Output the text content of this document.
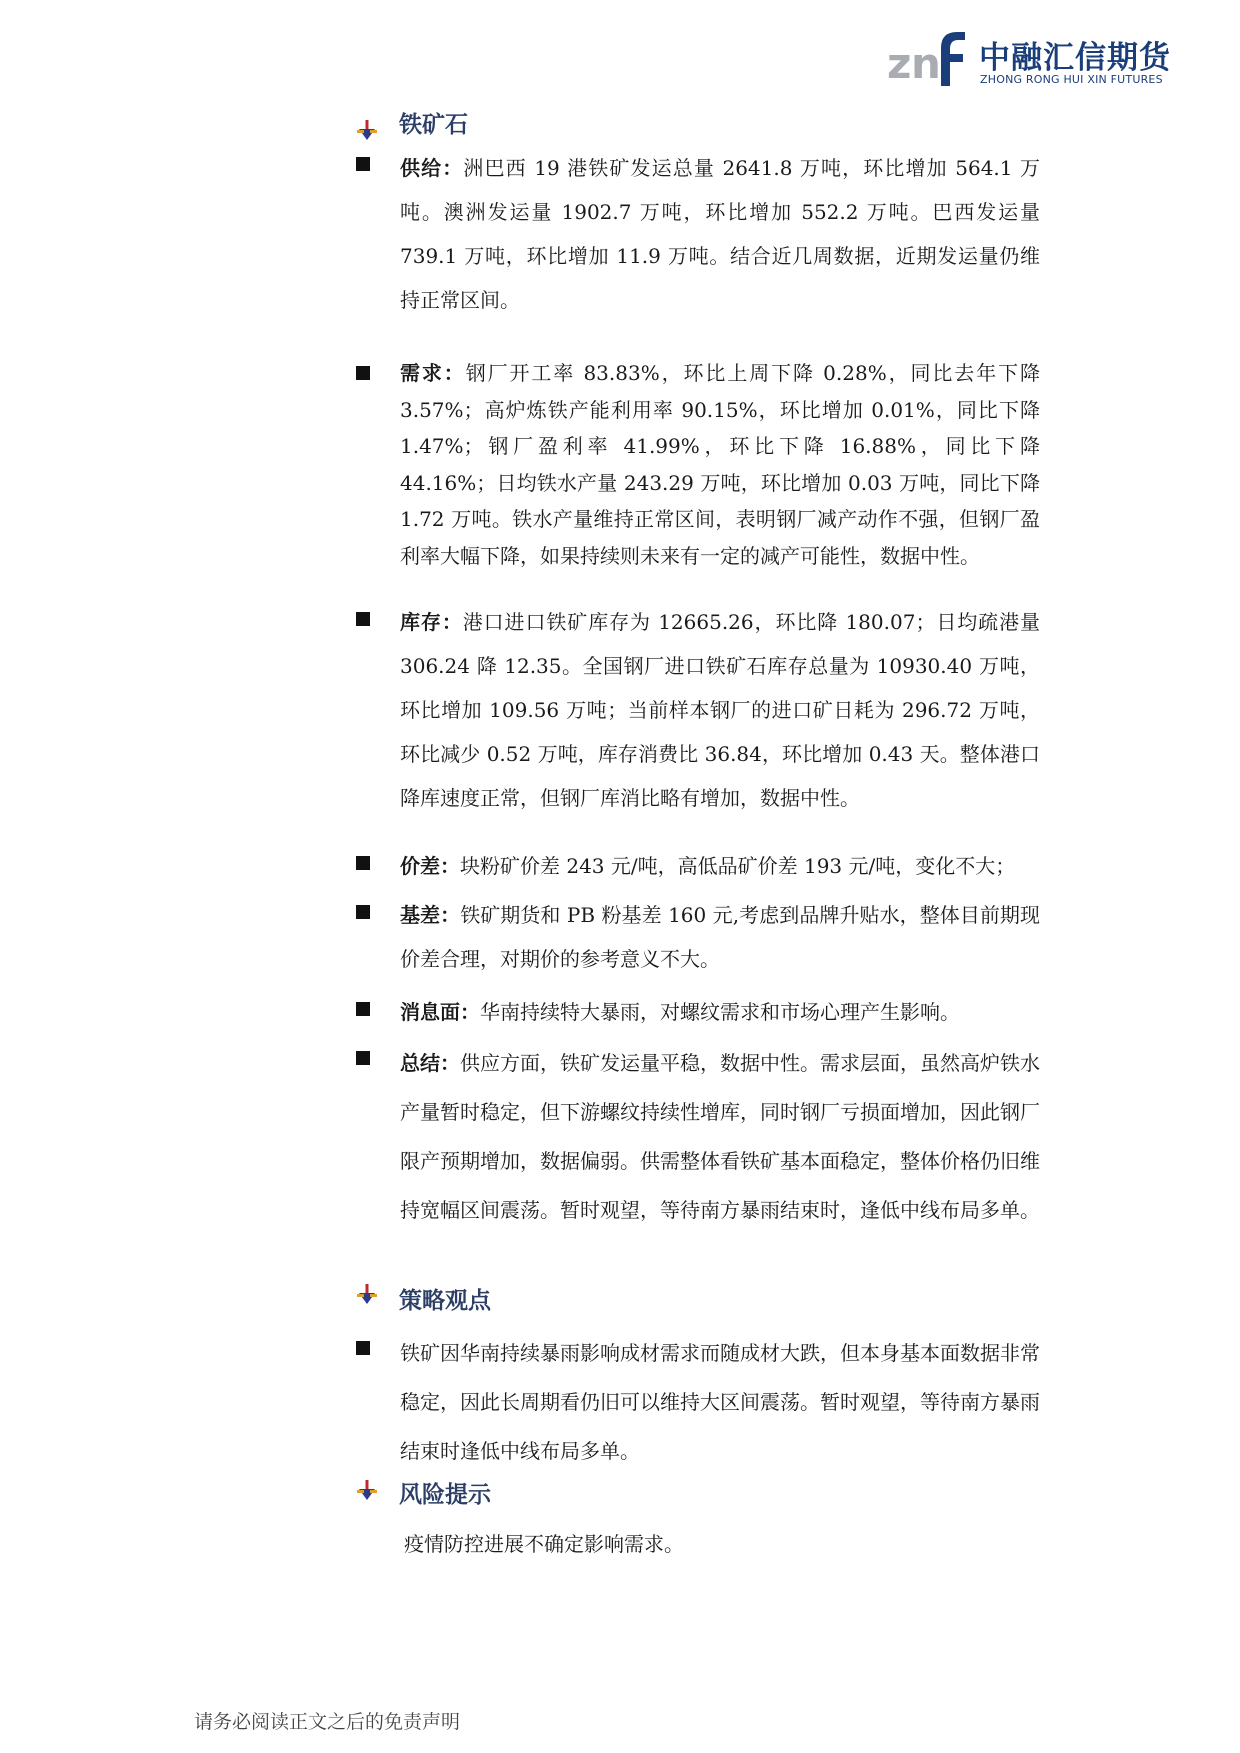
z n 中融汇信期货
ZHONG RONG HUI XIN FUTURES
铁矿石
供给：洲巴西 19 港铁矿发运总量 2641.8 万吨，环比增加 564.1 万吨。澳洲发运量 1902.7 万吨，环比增加 552.2 万吨。巴西发运量 739.1 万吨，环比增加 11.9 万吨。结合近几周数据，近期发运量仍维持正常区间。
需求：钢厂开工率 83.83%，环比上周下降 0.28%，同比去年下降 3.57%；高炉炼铁产能利用率 90.15%，环比增加 0.01%，同比下降 1.47%；钢厂盈利率 41.99%，环比下降 16.88%，同比下降 44.16%；日均铁水产量 243.29 万吨，环比增加 0.03 万吨，同比下降 1.72 万吨。铁水产量维持正常区间，表明钢厂减产动作不强，但钢厂盈利率大幅下降，如果持续则未来有一定的减产可能性，数据中性。
库存：港口进口铁矿库存为 12665.26，环比降 180.07；日均疏港量 306.24 降 12.35。全国钢厂进口铁矿石库存总量为 10930.40 万吨，环比增加 109.56 万吨；当前样本钢厂的进口矿日耗为 296.72 万吨，环比减少 0.52 万吨，库存消费比 36.84，环比增加 0.43 天。整体港口降库速度正常，但钢厂库消比略有增加，数据中性。
价差：块粉矿价差 243 元/吨，高低品矿价差 193 元/吨，变化不大；
基差：铁矿期货和 PB 粉基差 160 元,考虑到品牌升贴水，整体目前期现价差合理，对期价的参考意义不大。
消息面：华南持续特大暴雨，对螺纹需求和市场心理产生影响。
总结：供应方面，铁矿发运量平稳，数据中性。需求层面，虽然高炉铁水产量暂时稳定，但下游螺纹持续性增库，同时钢厂亏损面增加，因此钢厂限产预期增加，数据偏弱。供需整体看铁矿基本面稳定，整体价格仍旧维持宽幅区间震荡。暂时观望，等待南方暴雨结束时，逢低中线布局多单。
策略观点
铁矿因华南持续暴雨影响成材需求而随成材大跌，但本身基本面数据非常稳定，因此长周期看仍旧可以维持大区间震荡。暂时观望，等待南方暴雨结束时逢低中线布局多单。
风险提示
疫情防控进展不确定影响需求。
请务必阅读正文之后的免责声明
